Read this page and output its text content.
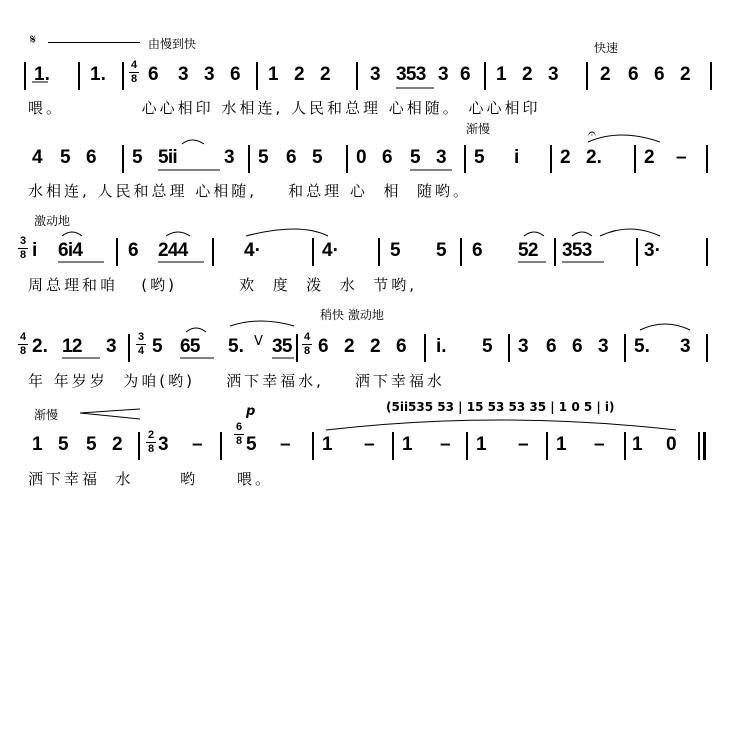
𝄋	由慢到快	快速
1. 1. 4
8 6 3 3 6 1 2 2 3 3 5 3 3 6 1 2 3 2 6 6 2
喂。          心心相印 水相连, 人民和总理 心相随。 心心相印
渐慢	𝄐
4 5 6 5 5 i i	3 5 6 5 0 6 5 3 5 i 2 2. 2 –
水相连, 人民和总理 心相随,    和总理 心  相  随哟。
激动地
3
8 i 6 i 4	6 2 4 4	4·	4·	5 5 6 5 2 3 5 3	3·
周总理和咱   (哟)        欢  度  泼  水  节哟,
稍快 激动地
4
8 2. 1 2 3 3
4 5 6 5 5. V 3 5 4
8 6 2 2 6 i. 5 3 6 6 3 5. 3
年 年岁岁  为咱(哟)    洒下幸福水,    洒下幸福水
渐慢
(5ii535 53 | 15 53 53 35 | 1 0 5 | i)
1 5 5 2 2
8 3 –
6
8
p
5 – 1 – 1 – 1 – 1 – 1 0
洒下幸福  水      哟     喂。
